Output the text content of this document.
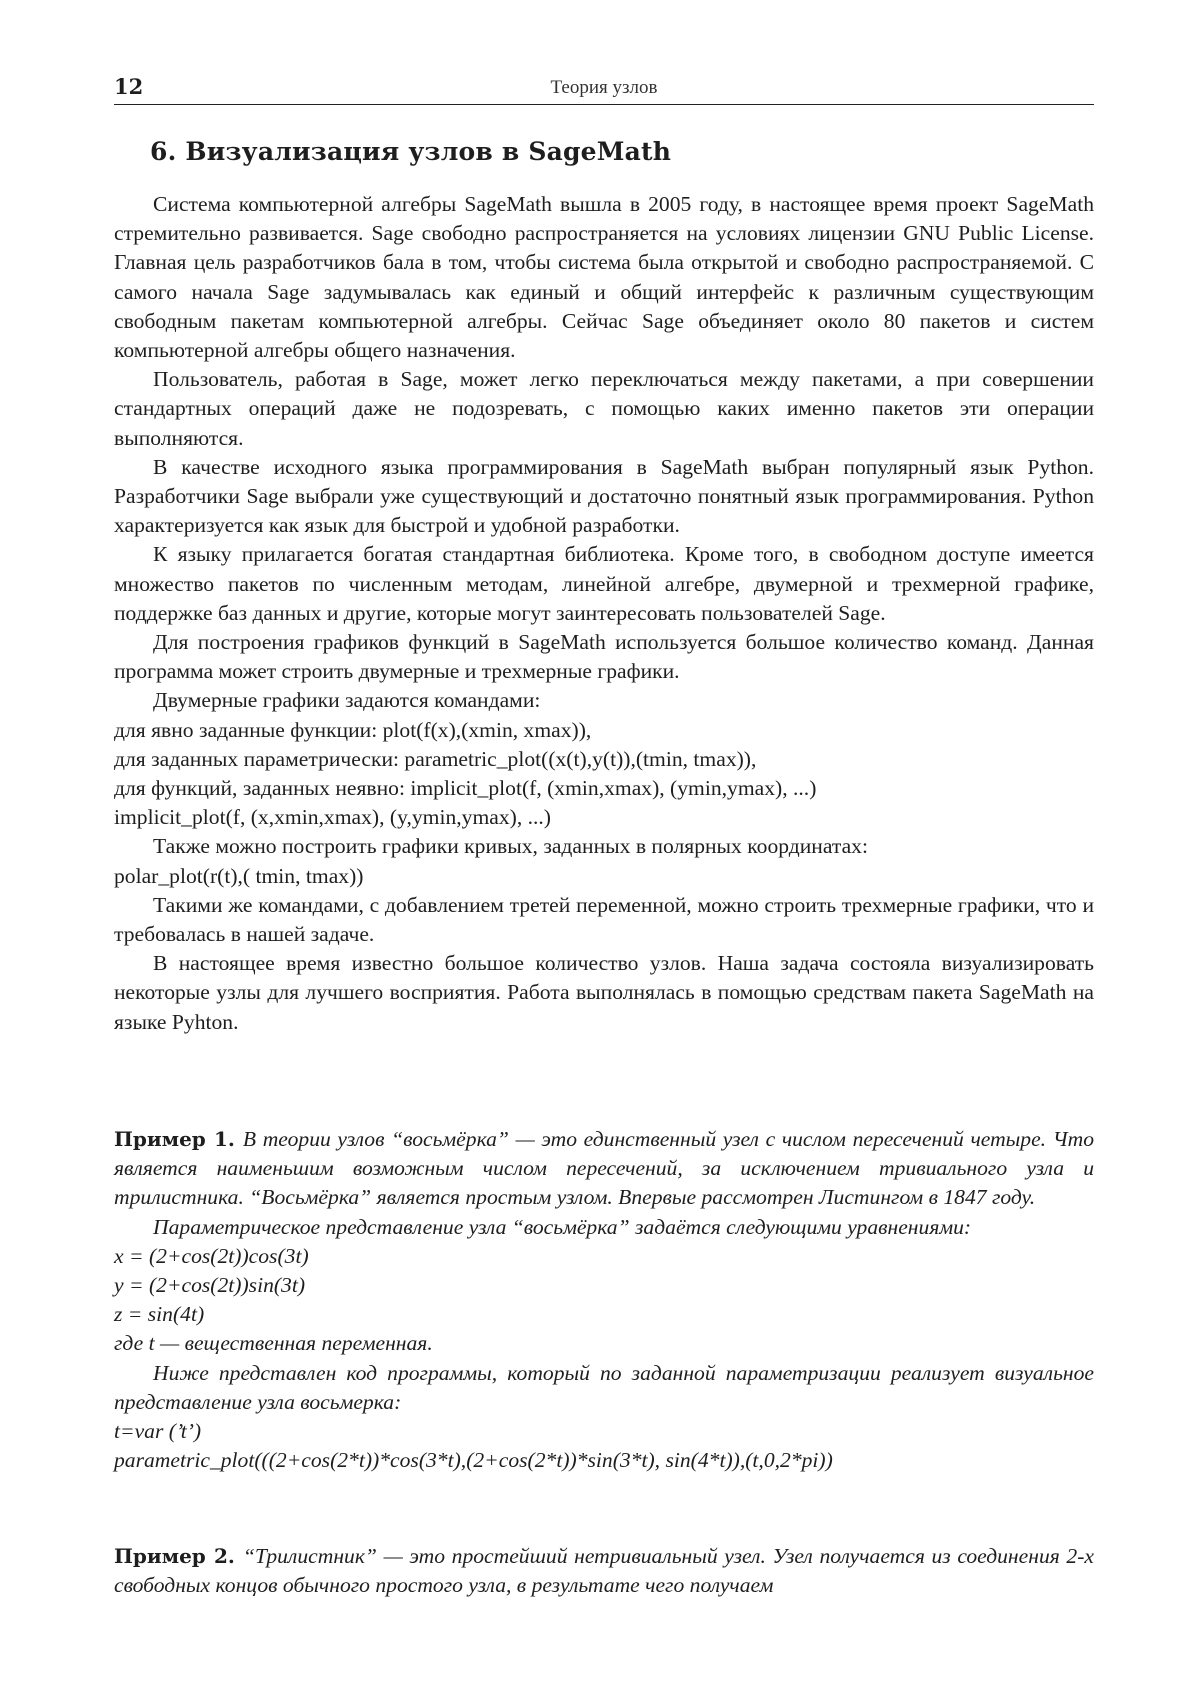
12	Теория узлов
6. Визуализация узлов в SageMath

Система компьютерной алгебры SageMath вышла в 2005 году, в настоящее время проект SageMath стремительно развивается. Sage свободно распространяется на условиях лицензии GNU Public License. Главная цель разработчиков бала в том, чтобы система была открытой и свободно распространяемой. С самого начала Sage задумывалась как единый и общий интерфейс к различным существующим свободным пакетам компьютерной алгебры. Сейчас Sage объединяет около 80 пакетов и систем компьютерной алгебры общего назначения.

Пользователь, работая в Sage, может легко переключаться между пакетами, а при совершении стандартных операций даже не подозревать, с помощью каких именно пакетов эти операции выполняются.

В качестве исходного языка программирования в SageMath выбран популярный язык Python. Разработчики Sage выбрали уже существующий и достаточно понятный язык программирования. Python характеризуется как язык для быстрой и удобной разработки.

К языку прилагается богатая стандартная библиотека. Кроме того, в свободном доступе имеется множество пакетов по численным методам, линейной алгебре, двумерной и трехмерной графике, поддержке баз данных и другие, которые могут заинтересовать пользователей Sage.

Для построения графиков функций в SageMath используется большое количество команд. Данная программа может строить двумерные и трехмерные графики.

Двумерные графики задаются командами:

для явно заданные функции: plot(f(x),(xmin, xmax)),

для заданных параметрически: parametric_plot((x(t),y(t)),(tmin, tmax)),

для функций, заданных неявно: implicit_plot(f, (xmin,xmax), (ymin,ymax), ...)

implicit_plot(f, (x,xmin,xmax), (y,ymin,ymax), ...)

Также можно построить графики кривых, заданных в полярных координатах:

polar_plot(r(t),( tmin, tmax))

Такими же командами, с добавлением третей переменной, можно строить трехмерные графики, что и требовалась в нашей задаче.

В настоящее время известно большое количество узлов. Наша задача состояла визуализировать некоторые узлы для лучшего восприятия. Работа выполнялась в помощью средствам пакета SageMath на языке Pyhton.

Пример 1. В теории узлов “восьмёрка” — это единственный узел с числом пересечений четыре. Что является наименьшим возможным числом пересечений, за исключением тривиального узла и трилистника. “Восьмёрка” является простым узлом. Впервые рассмотрен Листингом в 1847 году.

Параметрическое представление узла “восьмёрка” задаётся следующими уравнениями:

x = (2+cos(2t))cos(3t)

y = (2+cos(2t))sin(3t)

z = sin(4t)

где t — вещественная переменная.

Ниже представлен код программы, который по заданной параметризации реализует визуальное представление узла восьмерка:

t=var (’t’)

parametric_plot(((2+cos(2*t))*cos(3*t),(2+cos(2*t))*sin(3*t), sin(4*t)),(t,0,2*pi))

Пример 2. “Трилистник” — это простейший нетривиальный узел. Узел получается из соединения 2-х свободных концов обычного простого узла, в результате чего получаем
